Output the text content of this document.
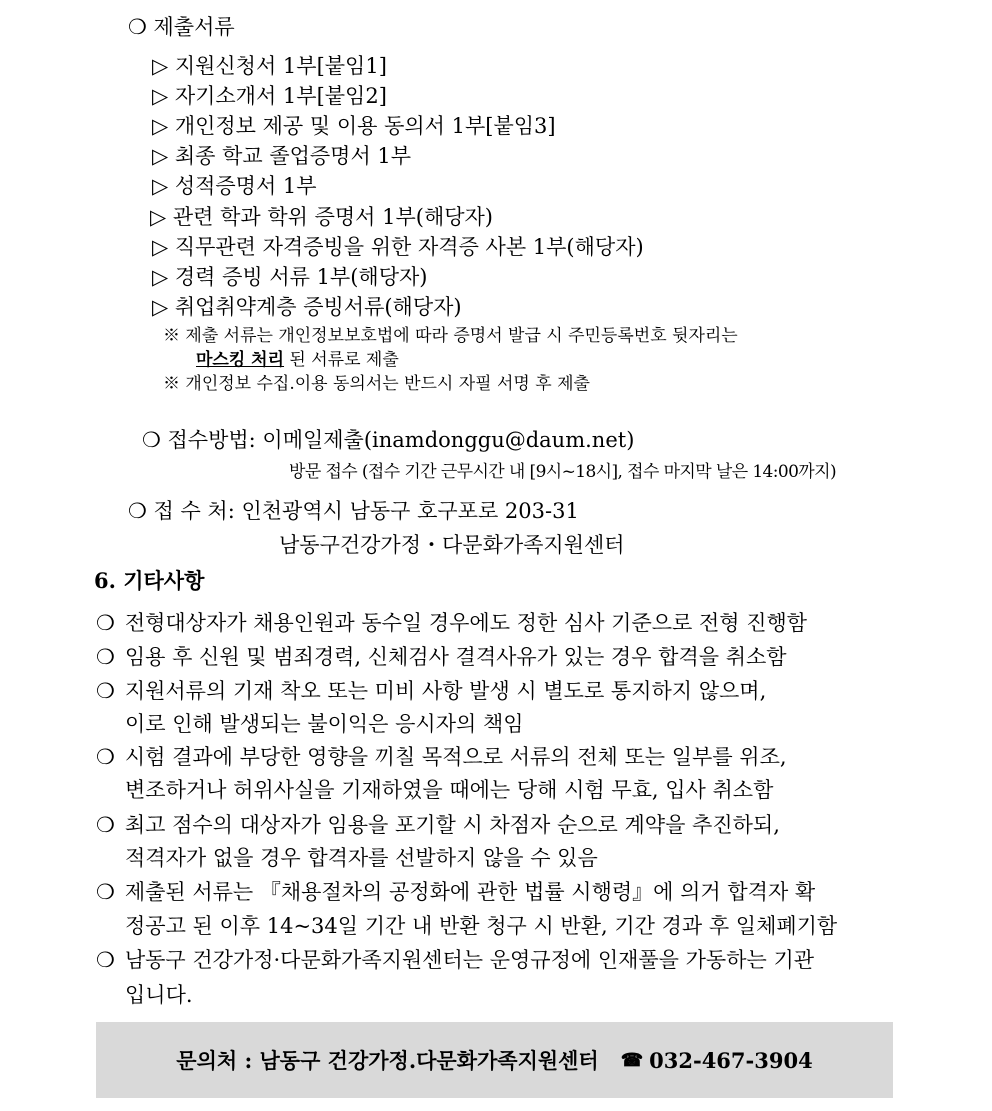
❍ 제출서류
▷ 지원신청서 1부[붙임1]
▷ 자기소개서 1부[붙임2]
▷ 개인정보 제공 및 이용 동의서 1부[붙임3]
▷ 최종 학교 졸업증명서 1부
▷ 성적증명서 1부
▷ 관련 학과 학위 증명서 1부(해당자)
▷ 직무관련 자격증빙을 위한 자격증 사본 1부(해당자)
▷ 경력 증빙 서류 1부(해당자)
▷ 취업취약계층 증빙서류(해당자)
※ 제출 서류는 개인정보보호법에 따라 증명서 발급 시 주민등록번호 뒷자리는
마스킹 처리 된 서류로 제출
※ 개인정보 수집.이용 동의서는 반드시 자필 서명 후 제출
❍ 접수방법: 이메일제출(inamdonggu@daum.net)
방문 접수 (접수 기간 근무시간 내 [9시~18시], 접수 마지막 날은 14:00까지)
❍ 접 수 처: 인천광역시 남동구 호구포로 203-31
남동구건강가정・다문화가족지원센터
6. 기타사항
❍ 전형대상자가 채용인원과 동수일 경우에도 정한 심사 기준으로 전형 진행함
❍ 임용 후 신원 및 범죄경력, 신체검사 결격사유가 있는 경우 합격을 취소함
❍ 지원서류의 기재 착오 또는 미비 사항 발생 시 별도로 통지하지 않으며,
이로 인해 발생되는 불이익은 응시자의 책임
❍ 시험 결과에 부당한 영향을 끼칠 목적으로 서류의 전체 또는 일부를 위조,
변조하거나 허위사실을 기재하였을 때에는 당해 시험 무효, 입사 취소함
❍ 최고 점수의 대상자가 임용을 포기할 시 차점자 순으로 계약을 추진하되,
적격자가 없을 경우 합격자를 선발하지 않을 수 있음
❍ 제출된 서류는 『채용절차의 공정화에 관한 법률 시행령』에 의거 합격자 확
정공고 된 이후 14~34일 기간 내 반환 청구 시 반환, 기간 경과 후 일체폐기함
❍ 남동구 건강가정·다문화가족지원센터는 운영규정에 인재풀을 가동하는 기관
입니다.
문의처 : 남동구 건강가정.다문화가족지원센터 ☎ 032-467-3904
